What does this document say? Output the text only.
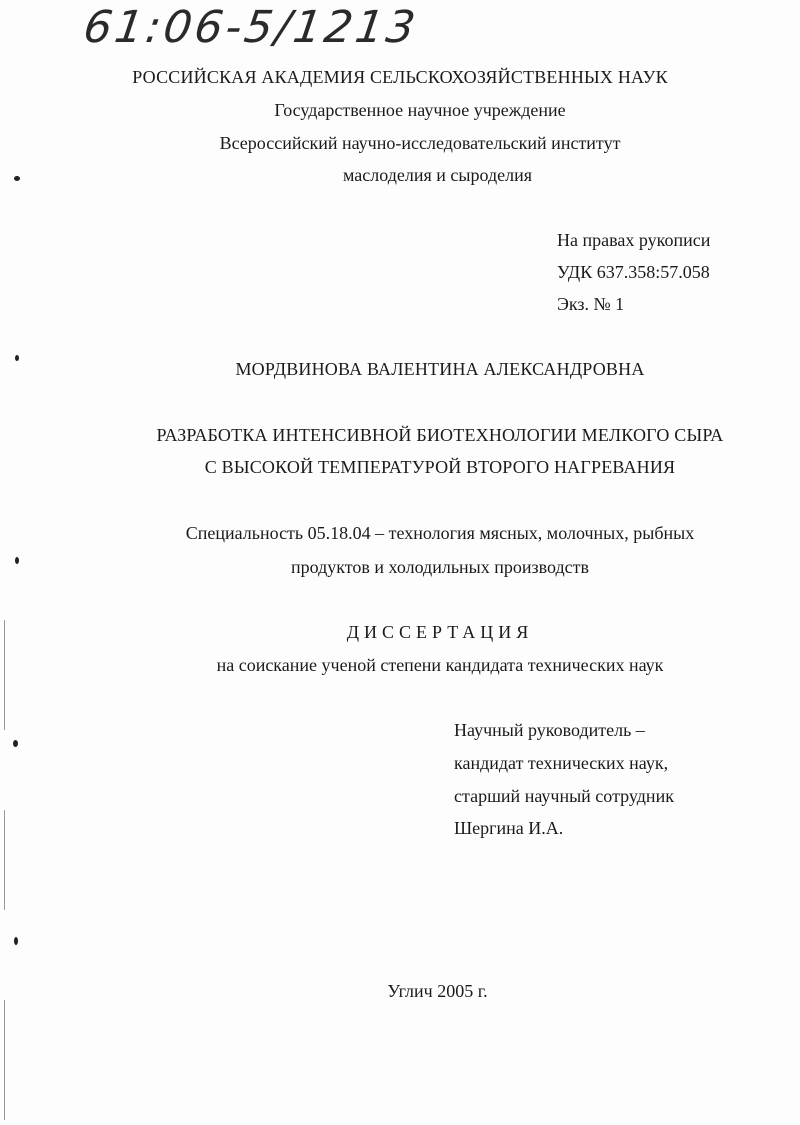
61:06-5/1213
РОССИЙСКАЯ АКАДЕМИЯ СЕЛЬСКОХОЗЯЙСТВЕННЫХ НАУК
Государственное научное учреждение
Всероссийский научно-исследовательский институт
маслоделия и сыроделия
На правах рукописи
УДК 637.358:57.058
Экз. № 1
МОРДВИНОВА ВАЛЕНТИНА АЛЕКСАНДРОВНА
РАЗРАБОТКА ИНТЕНСИВНОЙ БИОТЕХНОЛОГИИ МЕЛКОГО СЫРА
С ВЫСОКОЙ ТЕМПЕРАТУРОЙ ВТОРОГО НАГРЕВАНИЯ
Специальность 05.18.04 – технология мясных, молочных, рыбных
продуктов и холодильных производств
ДИССЕРТАЦИЯ
на соискание ученой степени кандидата технических наук
Научный руководитель –
кандидат технических наук,
старший научный сотрудник
Шергина И.А.
Углич 2005 г.
